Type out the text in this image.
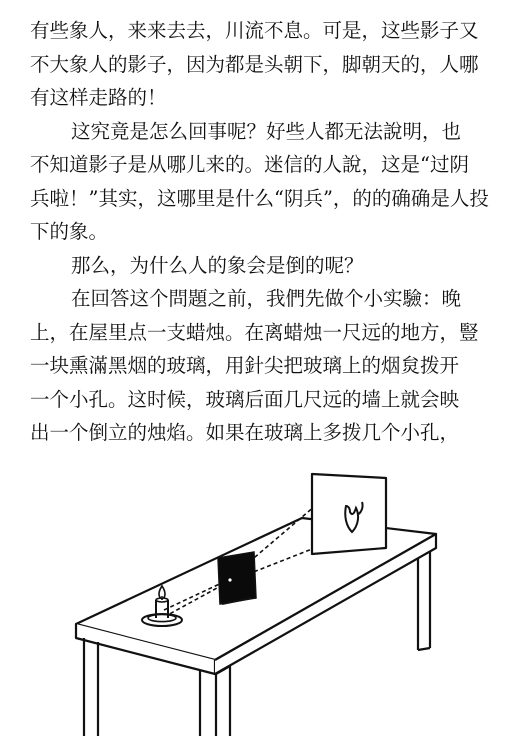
有些象人，来来去去，川流不息。可是，这些影子又
不大象人的影子，因为都是头朝下，脚朝天的，人哪
有这样走路的！
这究竟是怎么回事呢？好些人都无法說明，也
不知道影子是从哪儿来的。迷信的人說，这是“过阴
兵啦！”其实，这哪里是什么“阴兵”，的的确确是人投
下的象。
那么，为什么人的象会是倒的呢？
在回答这个問題之前，我們先做个小实驗：晚
上，在屋里点一支蜡烛。在离蜡烛一尺远的地方，豎
一块熏滿黑烟的玻璃，用針尖把玻璃上的烟炱拨开
一个小孔。这时候，玻璃后面几尺远的墙上就会映
出一个倒立的烛焰。如果在玻璃上多拨几个小孔，
